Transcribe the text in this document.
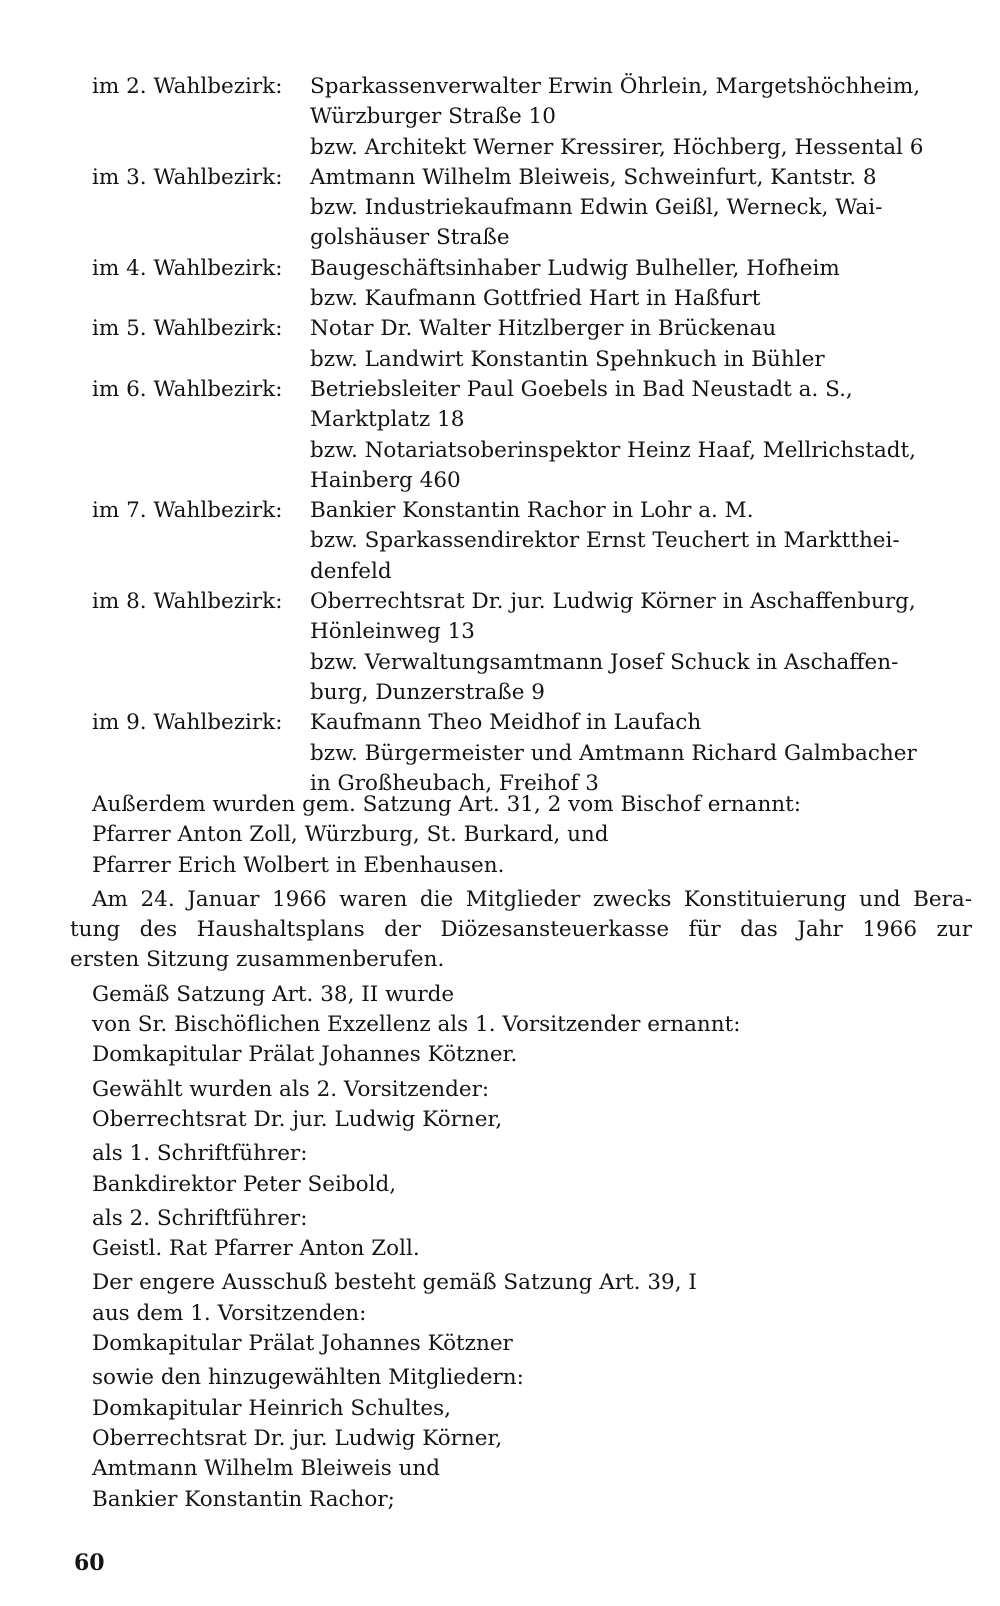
im 2. Wahlbezirk:	Sparkassenverwalter Erwin Öhrlein, Margetshöchheim,
Würzburger Straße 10
bzw. Architekt Werner Kressirer, Höchberg, Hessental 6
im 3. Wahlbezirk:	Amtmann Wilhelm Bleiweis, Schweinfurt, Kantstr. 8
bzw. Industriekaufmann Edwin Geißl, Werneck, Wai-
golshäuser Straße
im 4. Wahlbezirk:	Baugeschäftsinhaber Ludwig Bulheller, Hofheim
bzw. Kaufmann Gottfried Hart in Haßfurt
im 5. Wahlbezirk:	Notar Dr. Walter Hitzlberger in Brückenau
bzw. Landwirt Konstantin Spehnkuch in Bühler
im 6. Wahlbezirk:	Betriebsleiter Paul Goebels in Bad Neustadt a. S.,
Marktplatz 18
bzw. Notariatsoberinspektor Heinz Haaf, Mellrichstadt,
Hainberg 460
im 7. Wahlbezirk:	Bankier Konstantin Rachor in Lohr a. M.
bzw. Sparkassendirektor Ernst Teuchert in Marktthei-
denfeld
im 8. Wahlbezirk:	Oberrechtsrat Dr. jur. Ludwig Körner in Aschaffenburg,
Hönleinweg 13
bzw. Verwaltungsamtmann Josef Schuck in Aschaffen-
burg, Dunzerstraße 9
im 9. Wahlbezirk:	Kaufmann Theo Meidhof in Laufach
bzw. Bürgermeister und Amtmann Richard Galmbacher
in Großheubach, Freihof 3
Außerdem wurden gem. Satzung Art. 31, 2 vom Bischof ernannt:
Pfarrer Anton Zoll, Würzburg, St. Burkard, und
Pfarrer Erich Wolbert in Ebenhausen.
Am 24. Januar 1966 waren die Mitglieder zwecks Konstituierung und Bera-
tung des Haushaltsplans der Diözesansteuerkasse für das Jahr 1966 zur
ersten Sitzung zusammenberufen.
Gemäß Satzung Art. 38, II wurde
von Sr. Bischöflichen Exzellenz als 1. Vorsitzender ernannt:
Domkapitular Prälat Johannes Kötzner.
Gewählt wurden als 2. Vorsitzender:
Oberrechtsrat Dr. jur. Ludwig Körner,
als 1. Schriftführer:
Bankdirektor Peter Seibold,
als 2. Schriftführer:
Geistl. Rat Pfarrer Anton Zoll.
Der engere Ausschuß besteht gemäß Satzung Art. 39, I
aus dem 1. Vorsitzenden:
Domkapitular Prälat Johannes Kötzner
sowie den hinzugewählten Mitgliedern:
Domkapitular Heinrich Schultes,
Oberrechtsrat Dr. jur. Ludwig Körner,
Amtmann Wilhelm Bleiweis und
Bankier Konstantin Rachor;
60
